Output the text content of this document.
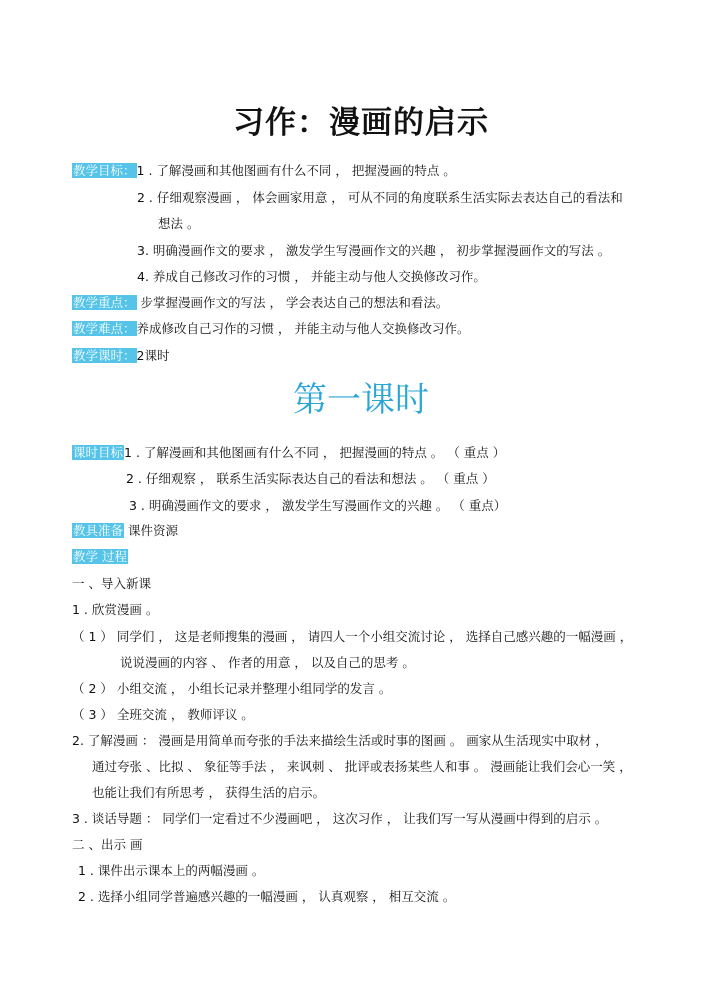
习作：漫画的启示
教学目标：1 . 了解漫画和其他图画有什么不同 ， 把握漫画的特点 。
2 . 仔细观察漫画 ， 体会画家用意 ， 可从不同的角度联系生活实际去表达自己的看法和
想法 。
3. 明确漫画作文的要求 ， 激发学生写漫画作文的兴趣 ， 初步掌握漫画作文的写法 。
4. 养成自己修改习作的习惯 ， 并能主动与他人交换修改习作。
教学重点： 步掌握漫画作文的写法 ， 学会表达自己的想法和看法。
教学难点：养成修改自己习作的习惯 ， 并能主动与他人交换修改习作。
教学课时：2课时
第一课时
课时目标1 . 了解漫画和其他图画有什么不同 ， 把握漫画的特点 。 （ 重点 ）
2 . 仔细观察 ， 联系生活实际表达自己的看法和想法 。 （ 重点 ）
3 . 明确漫画作文的要求 ， 激发学生写漫画作文的兴趣 。 （ 重点）
教具准备 课件资源
教学 过程
一 、导入新课
1 . 欣赏漫画 。
（ 1 ） 同学们 ， 这是老师搜集的漫画 ， 请四人一个小组交流讨论 ， 选择自己感兴趣的一幅漫画 ，
说说漫画的内容 、 作者的用意 ， 以及自己的思考 。
（ 2 ） 小组交流 ， 小组长记录并整理小组同学的发言 。
（ 3 ） 全班交流 ， 教师评议 。
2. 了解漫画 ： 漫画是用简单而夸张的手法来描绘生活或时事的图画 。 画家从生活现实中取材 ，
通过夸张 、比拟 、 象征等手法 ， 来讽刺 、 批评或表扬某些人和事 。 漫画能让我们会心一笑 ，
也能让我们有所思考 ， 获得生活的启示。
3 . 谈话导题 ： 同学们一定看过不少漫画吧 ， 这次习作 ， 让我们写一写从漫画中得到的启示 。
二 、出示 画
1 . 课件出示课本上的两幅漫画 。
2 . 选择小组同学普遍感兴趣的一幅漫画 ， 认真观察 ， 相互交流 。
